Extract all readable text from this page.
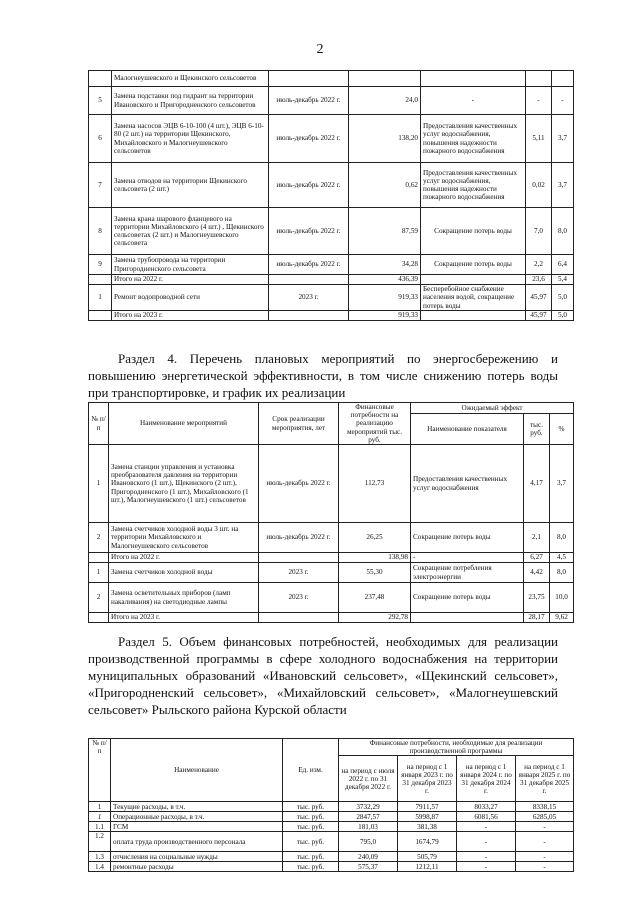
2
	Малогнеушевского и Щекинского сельсоветов					
5	Замена подставки под гидрант на территории Ивановского и Пригородненского сельсоветов	июль-декабрь 2022 г.	24,0	-	-	-
6	Замена насосов ЭЦВ 6-10-100 (4 шт.), ЭЦВ 6-10-80 (2 шт.) на территории Щекинского, Михайловского и Малогнеушевского сельсоветов	июль-декабрь 2022 г.	138,20	Предоставления качественных услуг водоснабжения, повышения надежности пожарного водоснабжения	5,11	3,7
7	Замена отводов на территории Щекинского сельсовета (2 шт.)	июль-декабрь 2022 г.	0,62	Предоставления качественных услуг водоснабжения, повышения надежности пожарного водоснабжения	0,02	3,7
8	Замена крана шарового фланцевого на территории Михайловского (4 шт.) , Щекинского сельсоветах (2 шт.) и Малогнеушевского сельсовета	июль-декабрь 2022 г.	87,59	Сокращение потерь воды	7,0	8,0
9	Замена трубопровода на территории Пригородненского сельсовета	июль-декабрь 2022 г.	34,28	Сокращение потерь воды	2,2	6,4
	Итого на 2022 г.		436,39		23,6	5,4
1	Ремонт водопроводной сети	2023 г.	919,33	Бесперебойное снабжение населения водой, сокращение потерь воды	45,97	5,0
	Итого на 2023 г.		919,33		45,97	5,0
Раздел 4. Перечень плановых мероприятий по энергосбережению и повышению энергетической эффективности, в том числе снижению потерь воды при транспортировке, и график их реализации
№ п/п	Наименование мероприятий	Срок реализации мероприятия, лет	Финансовые потребности на реализацию мероприятий тыс. руб.	Ожидаемый эффект		
				Наименование показателя	тыс. руб.	%
1	Замена станции управления и установка преобразователя давления на территории Ивановского (1 шт.), Щекинского (2 шт.), Пригородненского (1 шт.), Михайловского (1 шт.), Малогнеушевского (1 шт.) сельсоветов	июль-декабрь 2022 г.	112,73	Предоставления качественных услуг водоснабжения	4,17	3,7
2	Замена счетчиков холодной воды 3 шт. на территории Михайловского и Малогнеушевского сельсоветов	июль-декабрь 2022 г.	26,25	Сокращение потерь воды	2,1	8,0
	Итого на 2022 г.		138,98	-	6,27	4,5
1	Замена счетчиков холодной воды	2023 г.	55,30	Сокращение потребления электроэнергии	4,42	8,0
2	Замена осветительных приборов (ламп накаливания) на светодиодные лампы	2023 г.	237,48	Сокращение потерь воды	23,75	10,0
	Итого на 2023 г.		292,78		28,17	9,62
Раздел 5. Объем финансовых потребностей, необходимых для реализации производственной программы в сфере холодного водоснабжения на территории муниципальных образований «Ивановский сельсовет», «Щекинский сельсовет», «Пригородненский сельсовет», «Михайловский сельсовет», «Малогнеушевский сельсовет» Рыльского района Курской области
№ п/п	Наименование	Ед. изм.	Финансовые потребности, необходимые для реализации производственной программы			
			на период с июля 2022 г. по 31 декабря 2022 г.	на период с 1 января 2023 г. по 31 декабря 2023 г.	на период с 1 января 2024 г. по 31 декабря 2024 г.	на период с 1 января 2025 г. по 31 декабря 2025 г.
1	Текущие расходы, в т.ч.	тыс. руб.	3732,29	7911,57	8033,27	8338,15
1	Операционные расходы, в т.ч.	тыс. руб.	2847,57	5998,87	6081,56	6285,05
1.1	ГСМ	тыс. руб.	181,03	381,38	-	-
1.2	оплата труда производственного персонала	тыс. руб.	795,0	1674,79	-	-
1.3	отчисления на социальные нужды	тыс. руб.	240,09	505,79	-	-
1.4	ремонтные расходы	тыс. руб.	575,37	1212,11	-	-
